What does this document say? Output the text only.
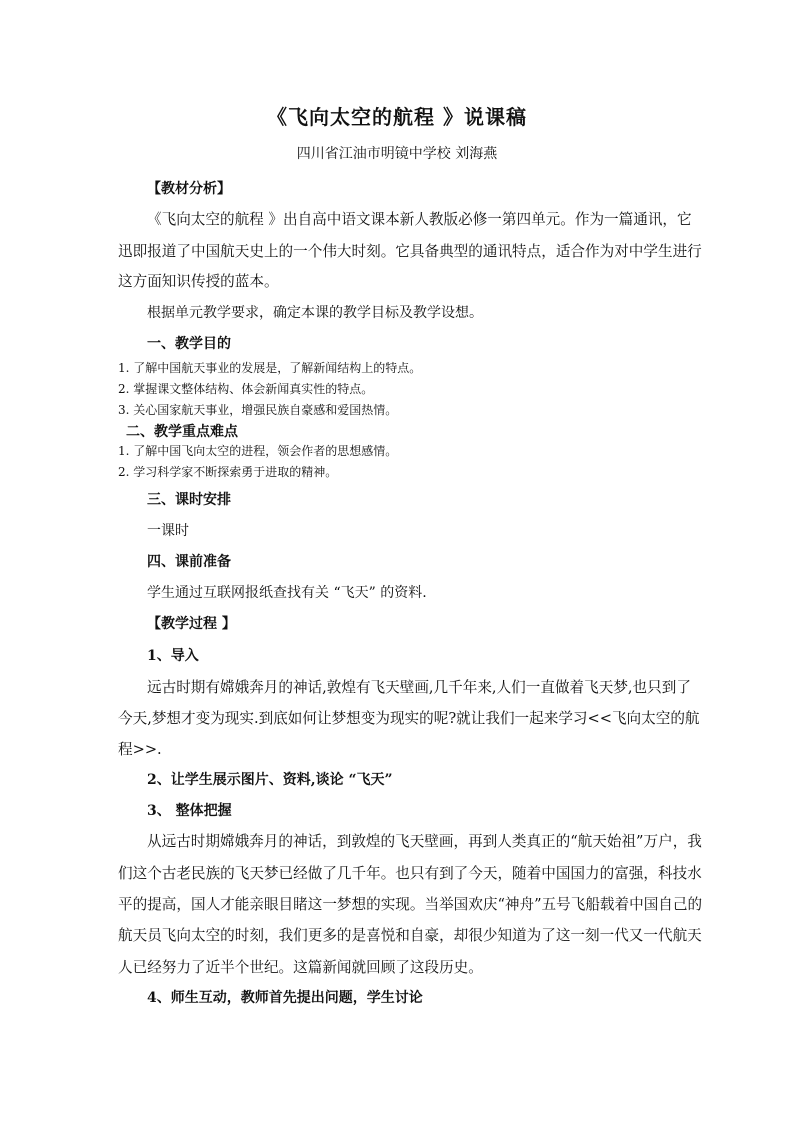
《飞向太空的航程 》说课稿
四川省江油市明镜中学校 刘海燕
【教材分析】
《飞向太空的航程 》出自高中语文课本新人教版必修一第四单元。作为一篇通讯，它
迅即报道了中国航天史上的一个伟大时刻。它具备典型的通讯特点，适合作为对中学生进行
这方面知识传授的蓝本。
根据单元教学要求，确定本课的教学目标及教学设想。
一、教学目的
1. 了解中国航天事业的发展是，了解新闻结构上的特点。
2. 掌握课文整体结构、体会新闻真实性的特点。
3. 关心国家航天事业，增强民族自豪感和爱国热情。
二、教学重点难点
1. 了解中国飞向太空的进程，领会作者的思想感情。
2. 学习科学家不断探索勇于进取的精神。
三、课时安排
一课时
四、课前准备
学生通过互联网报纸查找有关 “飞天” 的资料.
【教学过程 】
1、导入
远古时期有嫦娥奔月的神话,敦煌有飞天壁画,几千年来,人们一直做着飞天梦,也只到了
今天,梦想才变为现实.到底如何让梦想变为现实的呢?就让我们一起来学习<<飞向太空的航
程>>.
2、让学生展示图片、资料,谈论 “飞天”
3、 整体把握
从远古时期嫦娥奔月的神话，到敦煌的飞天壁画，再到人类真正的“航天始祖”万户，我
们这个古老民族的飞天梦已经做了几千年。也只有到了今天，随着中国国力的富强，科技水
平的提高，国人才能亲眼目睹这一梦想的实现。当举国欢庆“神舟”五号飞船载着中国自己的
航天员飞向太空的时刻，我们更多的是喜悦和自豪，却很少知道为了这一刻一代又一代航天
人已经努力了近半个世纪。这篇新闻就回顾了这段历史。
4、师生互动，教师首先提出问题，学生讨论
